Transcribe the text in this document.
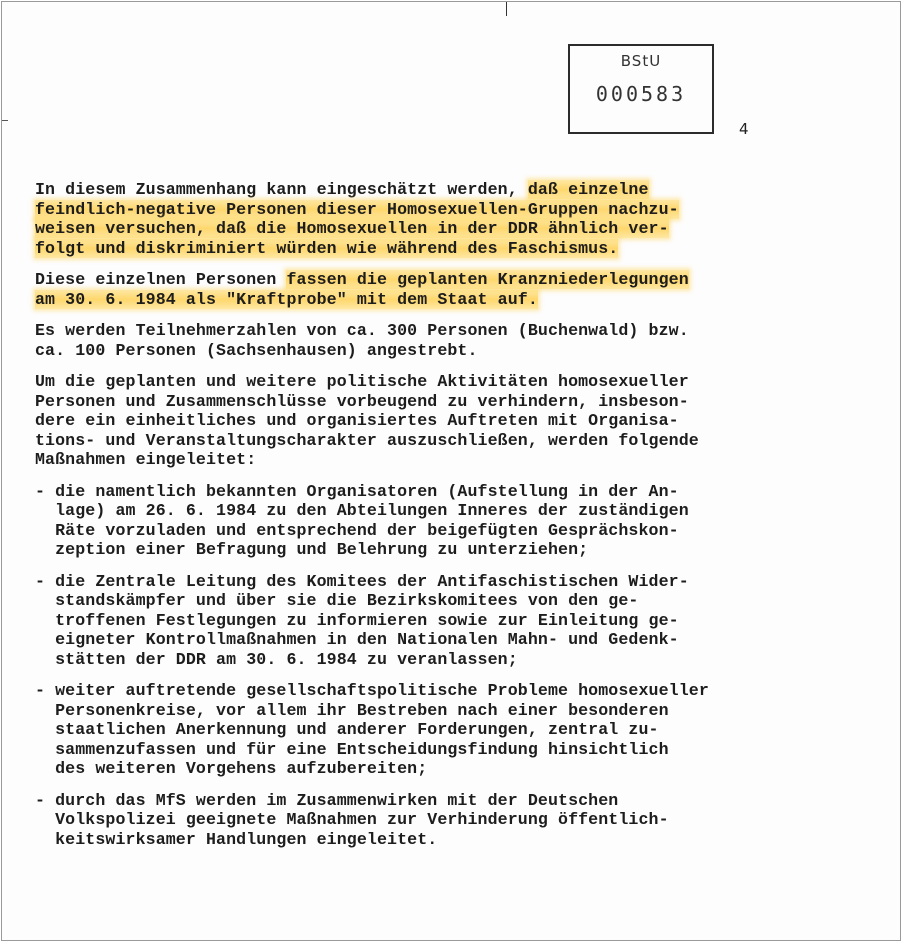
BStU
000583
4
In diesem Zusammenhang kann eingeschätzt werden, daß einzelne
feindlich-negative Personen dieser Homosexuellen-Gruppen nachzu-
weisen versuchen, daß die Homosexuellen in der DDR ähnlich ver-
folgt und diskriminiert würden wie während des Faschismus.
Diese einzelnen Personen fassen die geplanten Kranzniederlegungen
am 30. 6. 1984 als "Kraftprobe" mit dem Staat auf.
Es werden Teilnehmerzahlen von ca. 300 Personen (Buchenwald) bzw.
ca. 100 Personen (Sachsenhausen) angestrebt.
Um die geplanten und weitere politische Aktivitäten homosexueller
Personen und Zusammenschlüsse vorbeugend zu verhindern, insbeson-
dere ein einheitliches und organisiertes Auftreten mit Organisa-
tions- und Veranstaltungscharakter auszuschließen, werden folgende
Maßnahmen eingeleitet:
- die namentlich bekannten Organisatoren (Aufstellung in der An-
lage) am 26. 6. 1984 zu den Abteilungen Inneres der zuständigen
Räte vorzuladen und entsprechend der beigefügten Gesprächskon-
zeption einer Befragung und Belehrung zu unterziehen;
- die Zentrale Leitung des Komitees der Antifaschistischen Wider-
standskämpfer und über sie die Bezirkskomitees von den ge-
troffenen Festlegungen zu informieren sowie zur Einleitung ge-
eigneter Kontrollmaßnahmen in den Nationalen Mahn- und Gedenk-
stätten der DDR am 30. 6. 1984 zu veranlassen;
- weiter auftretende gesellschaftspolitische Probleme homosexueller
Personenkreise, vor allem ihr Bestreben nach einer besonderen
staatlichen Anerkennung und anderer Forderungen, zentral zu-
sammenzufassen und für eine Entscheidungsfindung hinsichtlich
des weiteren Vorgehens aufzubereiten;
- durch das MfS werden im Zusammenwirken mit der Deutschen
Volkspolizei geeignete Maßnahmen zur Verhinderung öffentlich-
keitswirksamer Handlungen eingeleitet.
